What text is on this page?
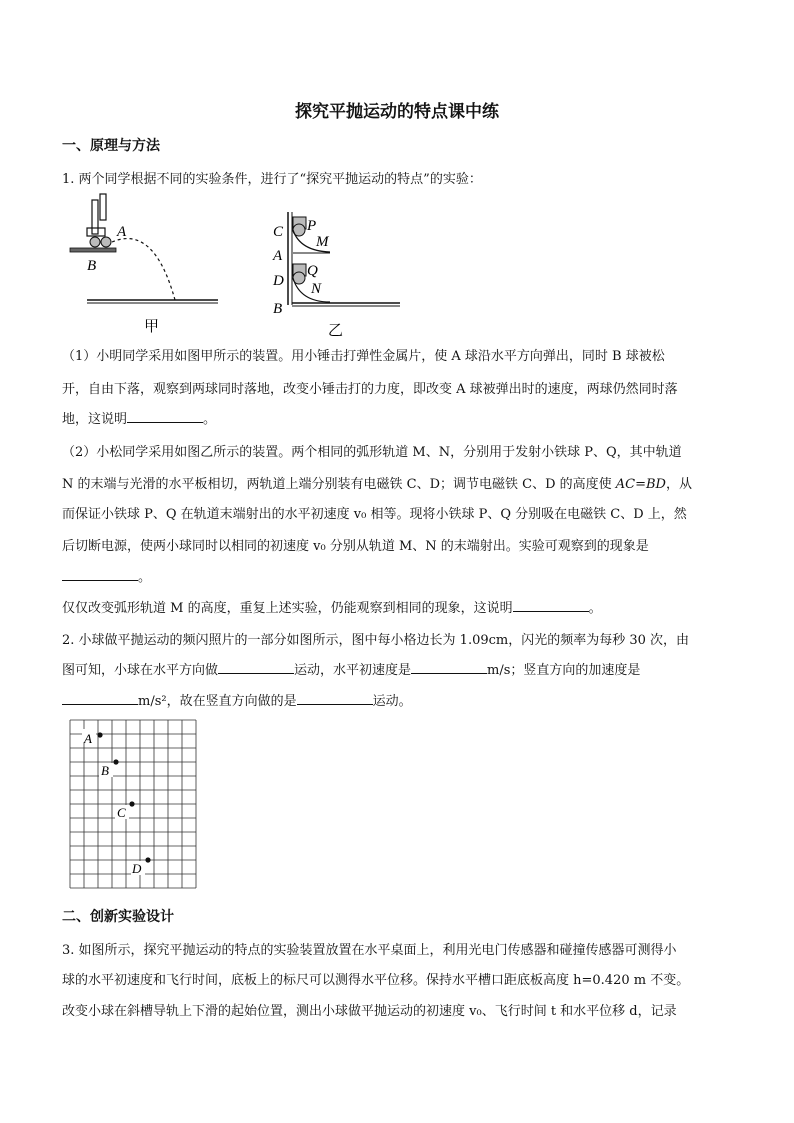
探究平抛运动的特点课中练
一、原理与方法
1. 两个同学根据不同的实验条件，进行了“探究平抛运动的特点”的实验：
A
B
甲
C P
M
A
D
Q
N
B
乙
（1）小明同学采用如图甲所示的装置。用小锤击打弹性金属片，使 A 球沿水平方向弹出，同时 B 球被松
开，自由下落，观察到两球同时落地，改变小锤击打的力度，即改变 A 球被弹出时的速度，两球仍然同时落
地，这说明	。
（2）小松同学采用如图乙所示的装置。两个相同的弧形轨道 M、N，分别用于发射小铁球 P、Q，其中轨道
N 的末端与光滑的水平板相切，两轨道上端分别装有电磁铁 C、D；调节电磁铁 C、D 的高度使 AC=BD，从
而保证小铁球 P、Q 在轨道末端射出的水平初速度 v₀ 相等。现将小铁球 P、Q 分别吸在电磁铁 C、D 上，然
后切断电源，使两小球同时以相同的初速度 v₀ 分别从轨道 M、N 的末端射出。实验可观察到的现象是
。
仅仅改变弧形轨道 M 的高度，重复上述实验，仍能观察到相同的现象，这说明	。
2. 小球做平抛运动的频闪照片的一部分如图所示，图中每小格边长为 1.09cm，闪光的频率为每秒 30 次，由
图可知，小球在水平方向做	运动，水平初速度是	m/s；竖直方向的加速度是
m/s²，故在竖直方向做的是	运动。
A
B
C
D
二、创新实验设计
3. 如图所示，探究平抛运动的特点的实验装置放置在水平桌面上，利用光电门传感器和碰撞传感器可测得小
球的水平初速度和飞行时间，底板上的标尺可以测得水平位移。保持水平槽口距底板高度 h=0.420 m 不变。
改变小球在斜槽导轨上下滑的起始位置，测出小球做平抛运动的初速度 v₀、飞行时间 t 和水平位移 d，记录
